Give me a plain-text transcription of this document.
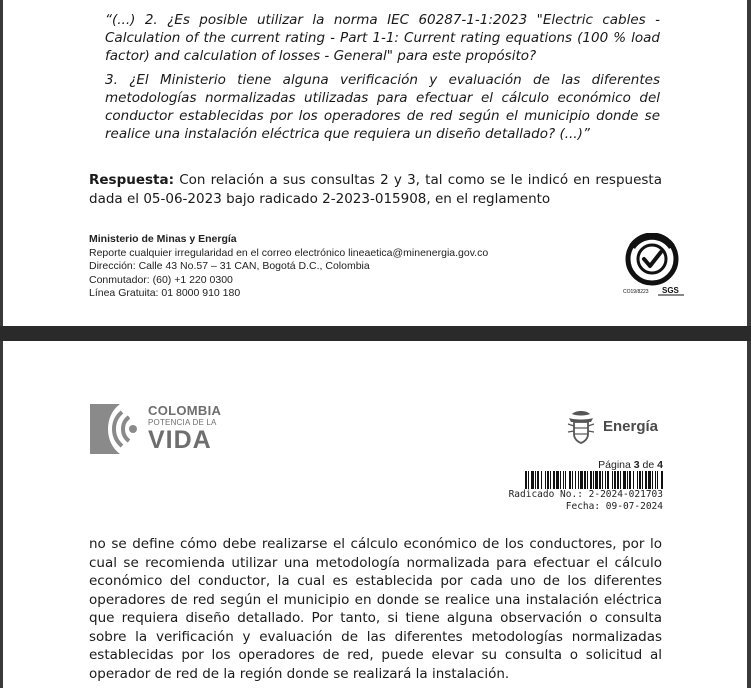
“(...) 2. ¿Es posible utilizar la norma IEC 60287-1-1:2023 "Electric cables - Calculation of the current rating - Part 1-1: Current rating equations (100 % load factor) and calculation of losses - General" para este propósito?
3. ¿El Ministerio tiene alguna verificación y evaluación de las diferentes metodologías normalizadas utilizadas para efectuar el cálculo económico del conductor establecidas por los operadores de red según el municipio donde se realice una instalación eléctrica que requiera un diseño detallado? (...)”
Respuesta: Con relación a sus consultas 2 y 3, tal como se le indicó en respuesta dada el 05-06-2023 bajo radicado 2-2023-015908, en el reglamento
Ministerio de Minas y Energía
Reporte cualquier irregularidad en el correo electrónico lineaetica@minenergia.gov.co
Dirección: Calle 43 No.57 – 31 CAN, Bogotá D.C., Colombia
Conmutador: (60) +1 220 0300
Línea Gratuita: 01 8000 910 180	CO19/8223 SGS
COLOMBIA
POTENCIA DE LA
VIDA	Energía
Página 3 de 4
Radicado No.: 2-2024-021703
Fecha: 09-07-2024
no se define cómo debe realizarse el cálculo económico de los conductores, por lo cual se recomienda utilizar una metodología normalizada para efectuar el cálculo económico del conductor, la cual es establecida por cada uno de los diferentes operadores de red según el municipio en donde se realice una instalación eléctrica que requiera diseño detallado. Por tanto, si tiene alguna observación o consulta sobre la verificación y evaluación de las diferentes metodologías normalizadas establecidas por los operadores de red, puede elevar su consulta o solicitud al operador de red de la región donde se realizará la instalación.
